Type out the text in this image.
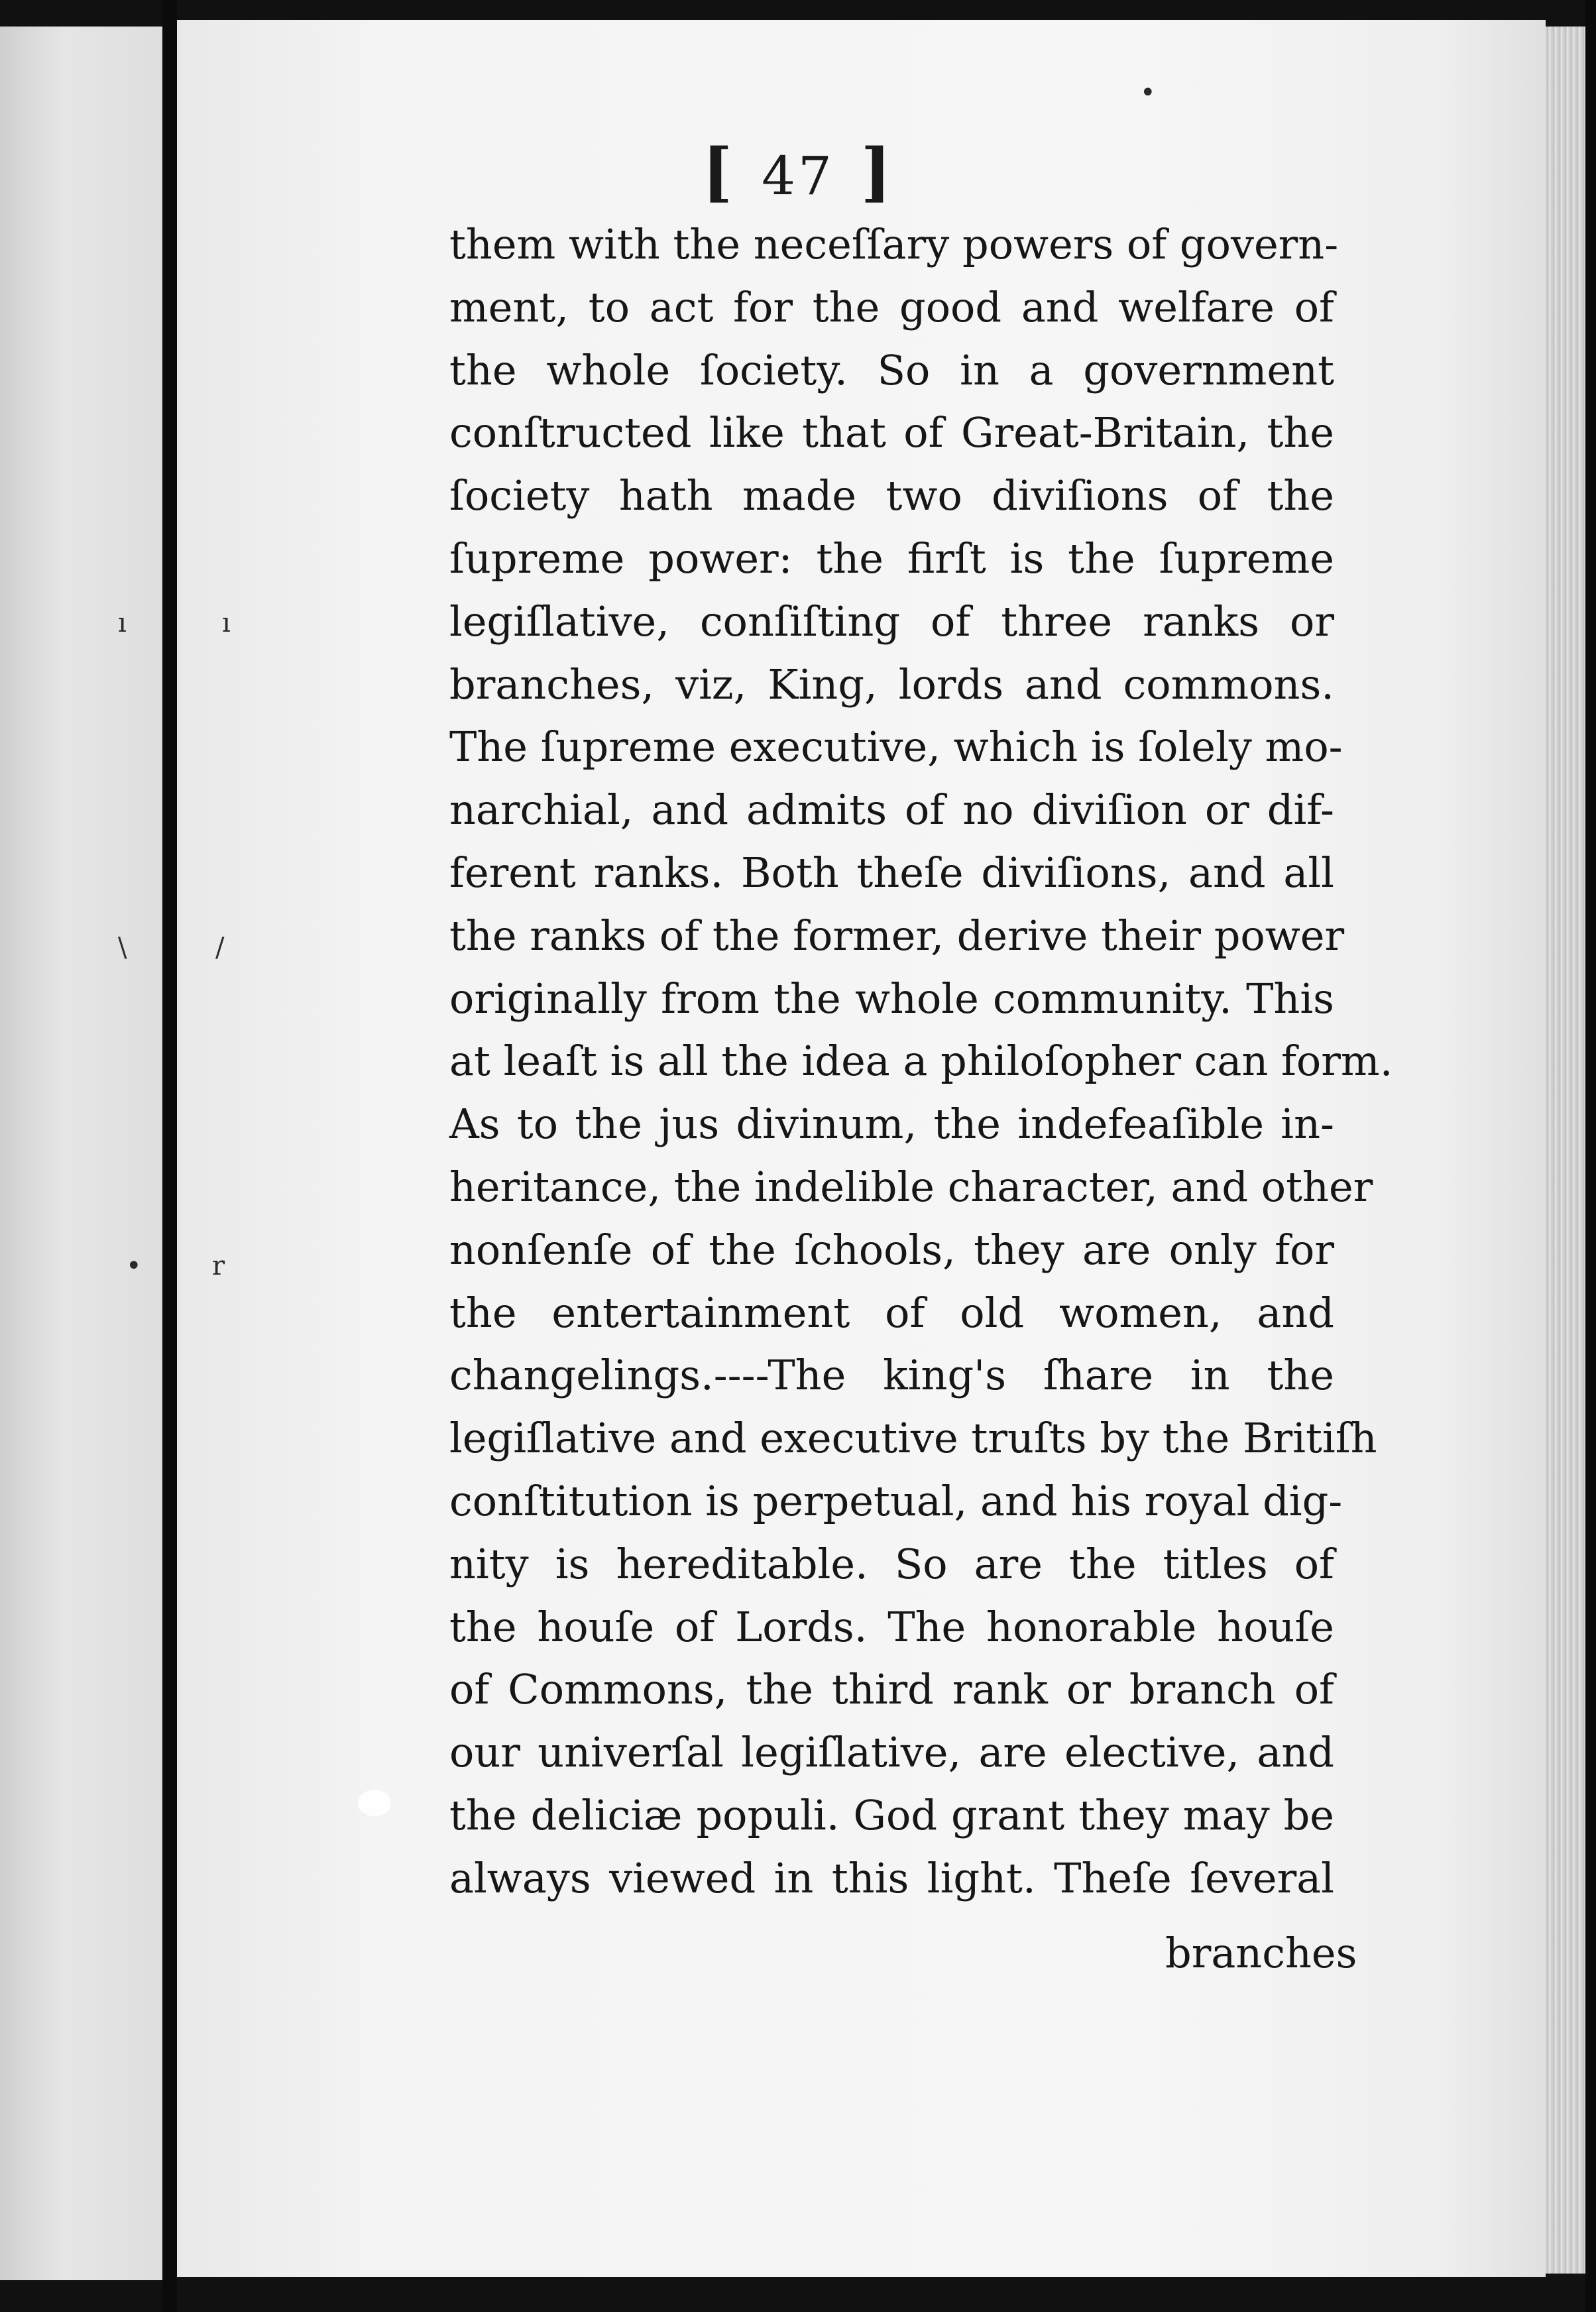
ı	ı
\	/
•	r
•
[ 47 ]
them with the neceſſary powers of govern-
ment, to act for the good and welfare of
the whole ſociety. So in a government
conſtructed like that of Great-Britain, the
ſociety hath made two diviſions of the
ſupreme power: the firſt is the ſupreme
legiſlative, conſiſting of three ranks or
branches, viz, King, lords and commons.
The ſupreme executive, which is ſolely mo-
narchial, and admits of no diviſion or dif-
ferent ranks. Both theſe diviſions, and all
the ranks of the former, derive their power
originally from the whole community. This
at leaſt is all the idea a philoſopher can form.
As to the jus divinum, the indefeaſible in-
heritance, the indelible character, and other
nonſenſe of the ſchools, they are only for
the entertainment of old women, and
changelings.----The king's ſhare in the
legiſlative and executive truſts by the Britiſh
conſtitution is perpetual, and his royal dig-
nity is hereditable. So are the titles of
the houſe of Lords. The honorable houſe
of Commons, the third rank or branch of
our univerſal legiſlative, are elective, and
the deliciæ populi. God grant they may be
always viewed in this light. Theſe ſeveral
branches
